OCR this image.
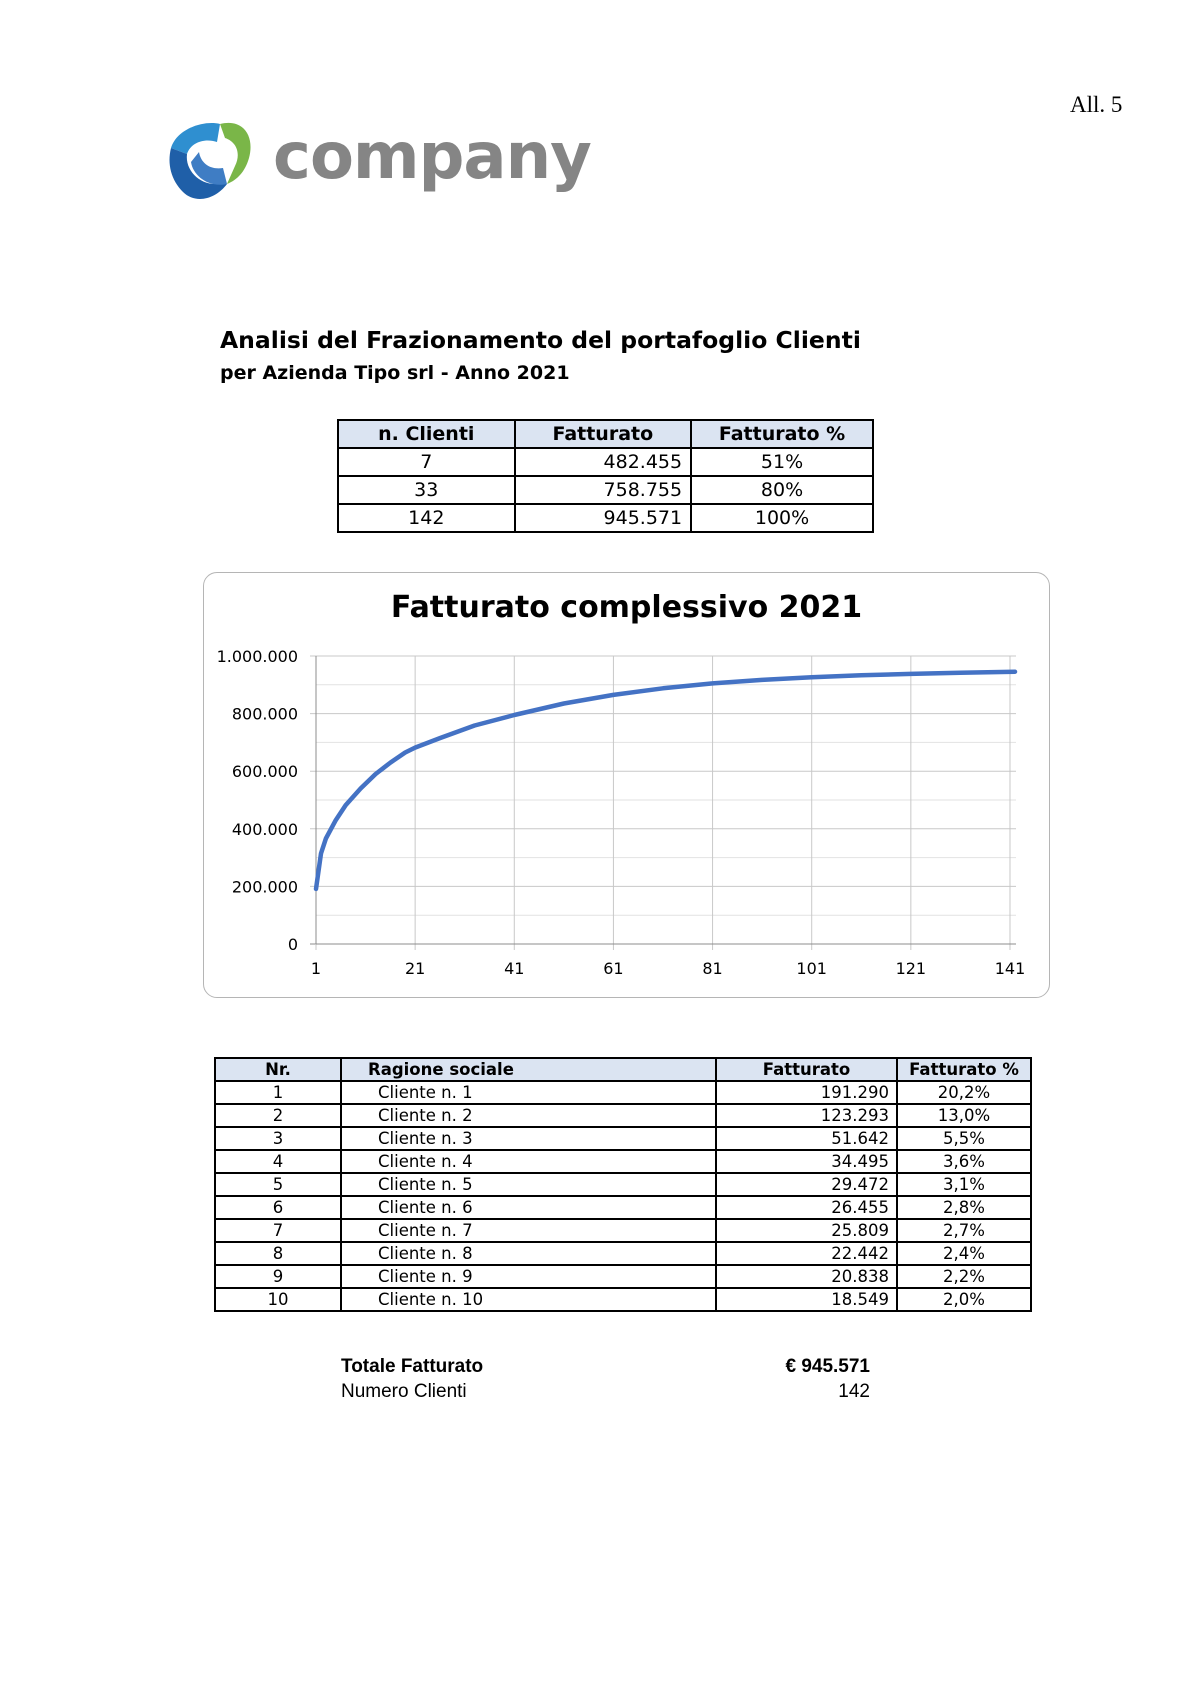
All. 5
company
Analisi del Frazionamento del portafoglio Clienti
per Azienda Tipo srl - Anno 2021
n. Clienti	Fatturato	Fatturato %
7	482.455	51%
33	758.755	80%
142	945.571	100%
Fatturato complessivo 2021
0
200.000
400.000
600.000
800.000
1.000.000
1	21	41	61	81	101	121	141
Nr.	Ragione sociale	Fatturato	Fatturato %
1	Cliente n. 1	191.290	20,2%
2	Cliente n. 2	123.293	13,0%
3	Cliente n. 3	51.642	5,5%
4	Cliente n. 4	34.495	3,6%
5	Cliente n. 5	29.472	3,1%
6	Cliente n. 6	26.455	2,8%
7	Cliente n. 7	25.809	2,7%
8	Cliente n. 8	22.442	2,4%
9	Cliente n. 9	20.838	2,2%
10	Cliente n. 10	18.549	2,0%
Totale Fatturato	€ 945.571
Numero Clienti	142
